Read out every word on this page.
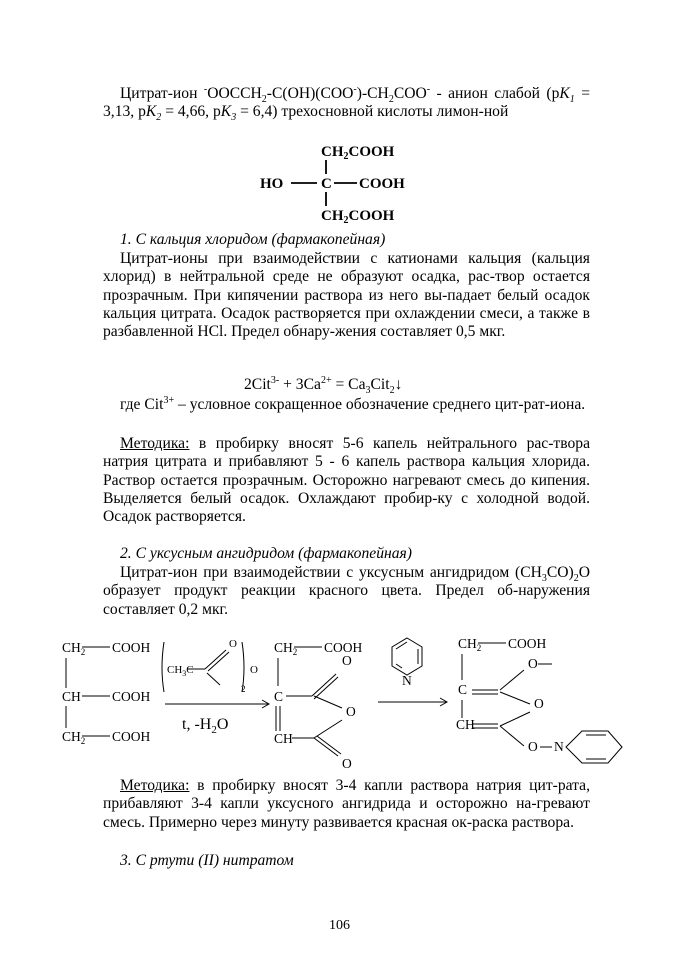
Цитрат-ион $^-OOCCH_2-C(OH)(COO^-)-CH_2COO^-$ - анион слабой ($pK_1 = 3,13$, $pK_2 = 4,66$, $pK_3 = 6,4$) трехосновной кислоты лимон-ной

$CH_2COOH$
HO	C COOH
$CH_2COOH$
1. С кальция хлоридом (фармакопейная)

Цитрат-ионы при взаимодействии с катионами кальция (кальция хлорид) в нейтральной среде не образуют осадка, рас-твор остается прозрачным. При кипячении раствора из него вы-падает белый осадок кальция цитрата. Осадок растворяется при охлаждении смеси, а также в разбавленной HCl. Предел обнару-жения составляет 0,5 мкг.

$2Cit^{3-} + 3Ca^{2+}$ = $Ca_3Cit_2↓$

где Cit$^{3+}$ – условное сокращенное обозначение среднего цит-рат-иона.

Методика: в пробирку вносят 5-6 капель нейтрального рас-твора натрия цитрата и прибавляют 5 - 6 капель раствора кальция хлорида. Раствор остается прозрачным. Осторожно нагревают смесь до кипения. Выделяется белый осадок. Охлаждают пробир-ку с холодной водой. Осадок растворяется.

2. С уксусным ангидридом (фармакопейная)

Цитрат-ион при взаимодействии с уксусным ангидридом $(CH_3CO)_2O$ образует продукт реакции красного цвета. Предел об-наружения составляет 0,2 мкг.

$CH_2$ COOH
CH COOH
$CH_2$ COOH
$CH_3^C$
O
O
2
t, $-H_2O$
$CH_2$ COOH
C
O
O
CH
O
N
$CH_2$ COOH
C
O
O
CH
O N

Методика: в пробирку вносят 3-4 капли раствора натрия цит-рата, прибавляют 3-4 капли уксусного ангидрида и осторожно на-гревают смесь. Примерно через минуту развивается красная ок-раска раствора.

3. С ртути (II) нитратом
106
